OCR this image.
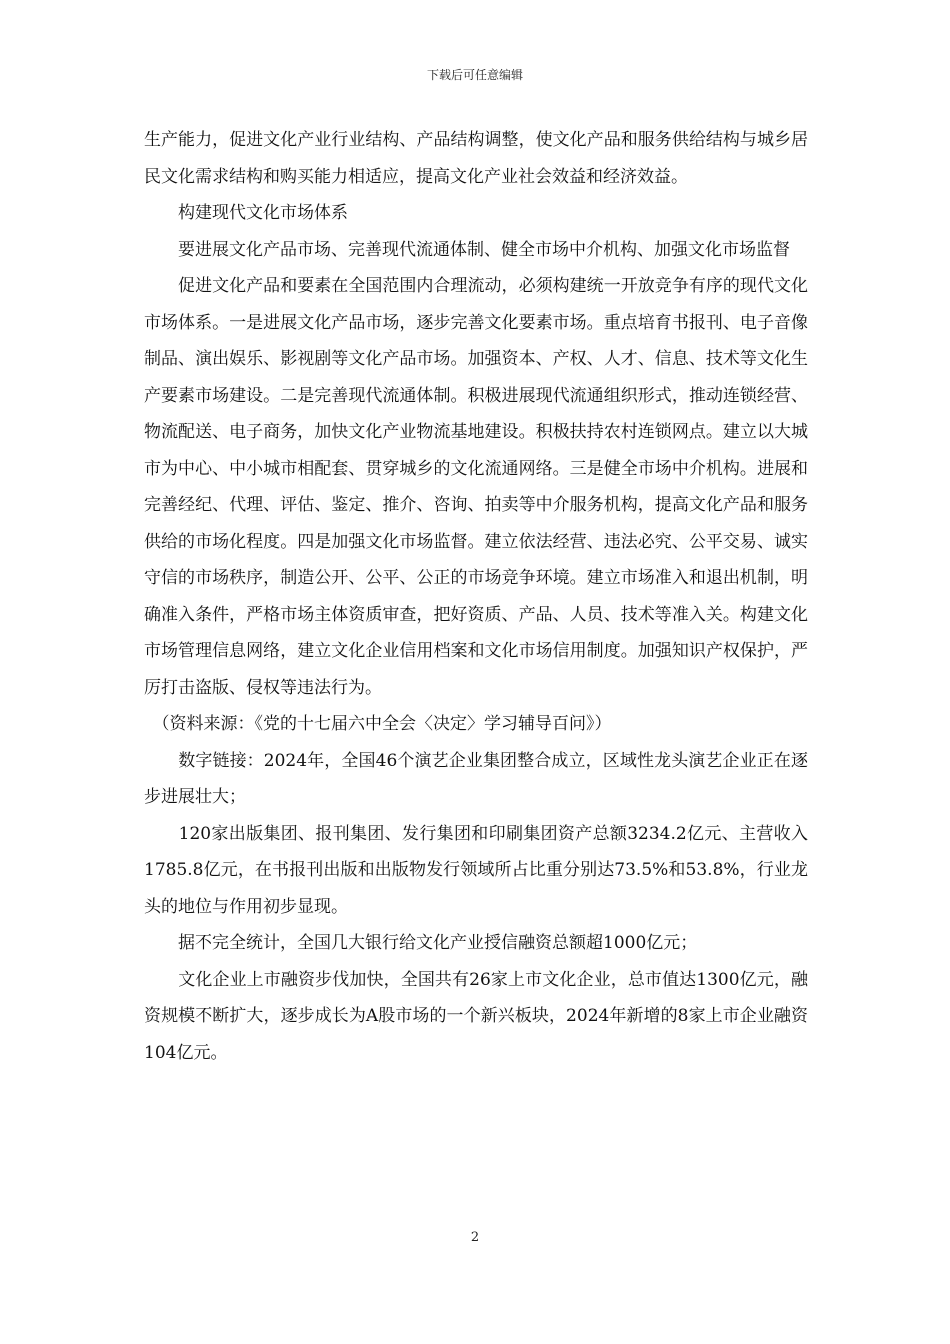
下载后可任意编辑

生产能力，促进文化产业行业结构、产品结构调整，使文化产品和服务供给结构与城乡居民文化需求结构和购买能力相适应，提高文化产业社会效益和经济效益。

　　构建现代文化市场体系

　　要进展文化产品市场、完善现代流通体制、健全市场中介机构、加强文化市场监督

　　促进文化产品和要素在全国范围内合理流动，必须构建统一开放竞争有序的现代文化市场体系。一是进展文化产品市场，逐步完善文化要素市场。重点培育书报刊、电子音像制品、演出娱乐、影视剧等文化产品市场。加强资本、产权、人才、信息、技术等文化生产要素市场建设。二是完善现代流通体制。积极进展现代流通组织形式，推动连锁经营、物流配送、电子商务，加快文化产业物流基地建设。积极扶持农村连锁网点。建立以大城市为中心、中小城市相配套、贯穿城乡的文化流通网络。三是健全市场中介机构。进展和完善经纪、代理、评估、鉴定、推介、咨询、拍卖等中介服务机构，提高文化产品和服务供给的市场化程度。四是加强文化市场监督。建立依法经营、违法必究、公平交易、诚实守信的市场秩序，制造公开、公平、公正的市场竞争环境。建立市场准入和退出机制，明确准入条件，严格市场主体资质审查，把好资质、产品、人员、技术等准入关。构建文化市场管理信息网络，建立文化企业信用档案和文化市场信用制度。加强知识产权保护，严厉打击盗版、侵权等违法行为。

　（资料来源：《党的十七届六中全会〈决定〉学习辅导百问》）

　　数字链接：2024年，全国46个演艺企业集团整合成立，区域性龙头演艺企业正在逐步进展壮大；

　　120家出版集团、报刊集团、发行集团和印刷集团资产总额3234.2亿元、主营收入1785.8亿元，在书报刊出版和出版物发行领域所占比重分别达73.5%和53.8%，行业龙头的地位与作用初步显现。

　　据不完全统计，全国几大银行给文化产业授信融资总额超1000亿元；

　　文化企业上市融资步伐加快，全国共有26家上市文化企业，总市值达1300亿元，融资规模不断扩大，逐步成长为A股市场的一个新兴板块，2024年新增的8家上市企业融资104亿元。

2
